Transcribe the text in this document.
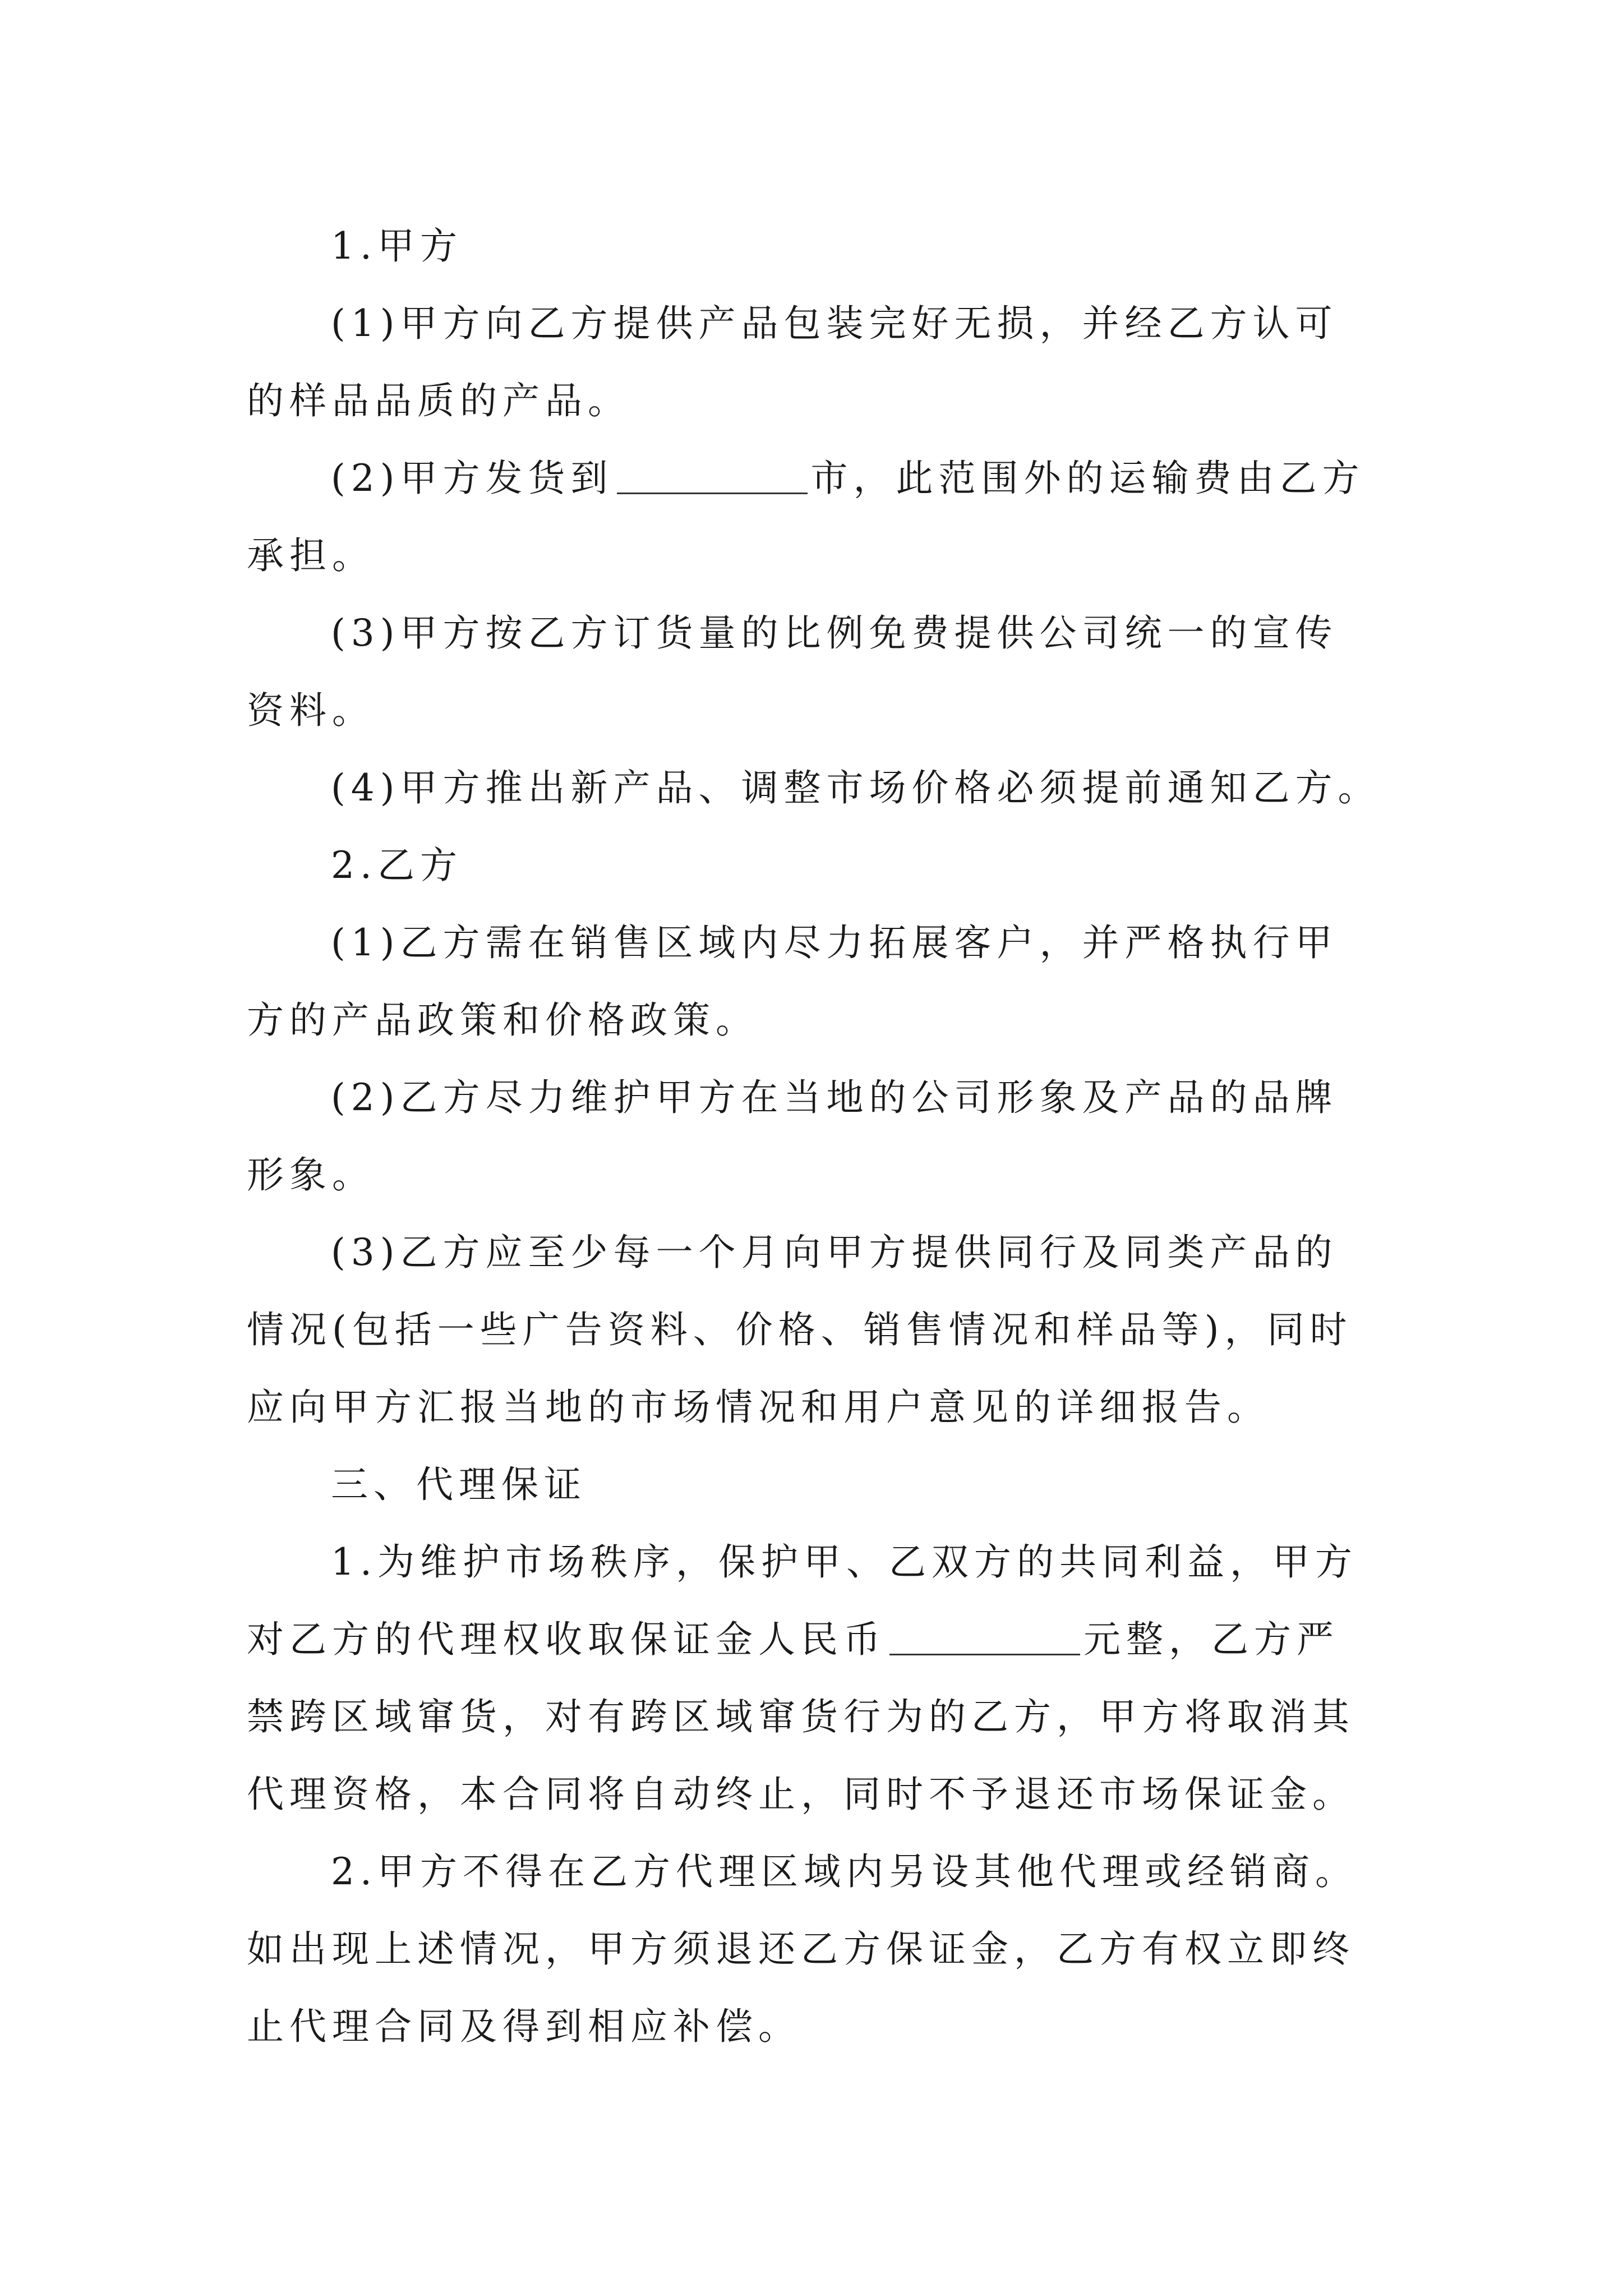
1.甲方
(1)甲方向乙方提供产品包装完好无损，并经乙方认可
的样品品质的产品。
(2)甲方发货到	市，此范围外的运输费由乙方
承担。
(3)甲方按乙方订货量的比例免费提供公司统一的宣传
资料。
(4)甲方推出新产品、调整市场价格必须提前通知乙方。
2.乙方
(1)乙方需在销售区域内尽力拓展客户，并严格执行甲
方的产品政策和价格政策。
(2)乙方尽力维护甲方在当地的公司形象及产品的品牌
形象。
(3)乙方应至少每一个月向甲方提供同行及同类产品的
情况(包括一些广告资料、价格、销售情况和样品等)，同时
应向甲方汇报当地的市场情况和用户意见的详细报告。
三、代理保证
1.为维护市场秩序，保护甲、乙双方的共同利益，甲方
对乙方的代理权收取保证金人民币	元整，乙方严
禁跨区域窜货，对有跨区域窜货行为的乙方，甲方将取消其
代理资格，本合同将自动终止，同时不予退还市场保证金。
2.甲方不得在乙方代理区域内另设其他代理或经销商。
如出现上述情况，甲方须退还乙方保证金，乙方有权立即终
止代理合同及得到相应补偿。
